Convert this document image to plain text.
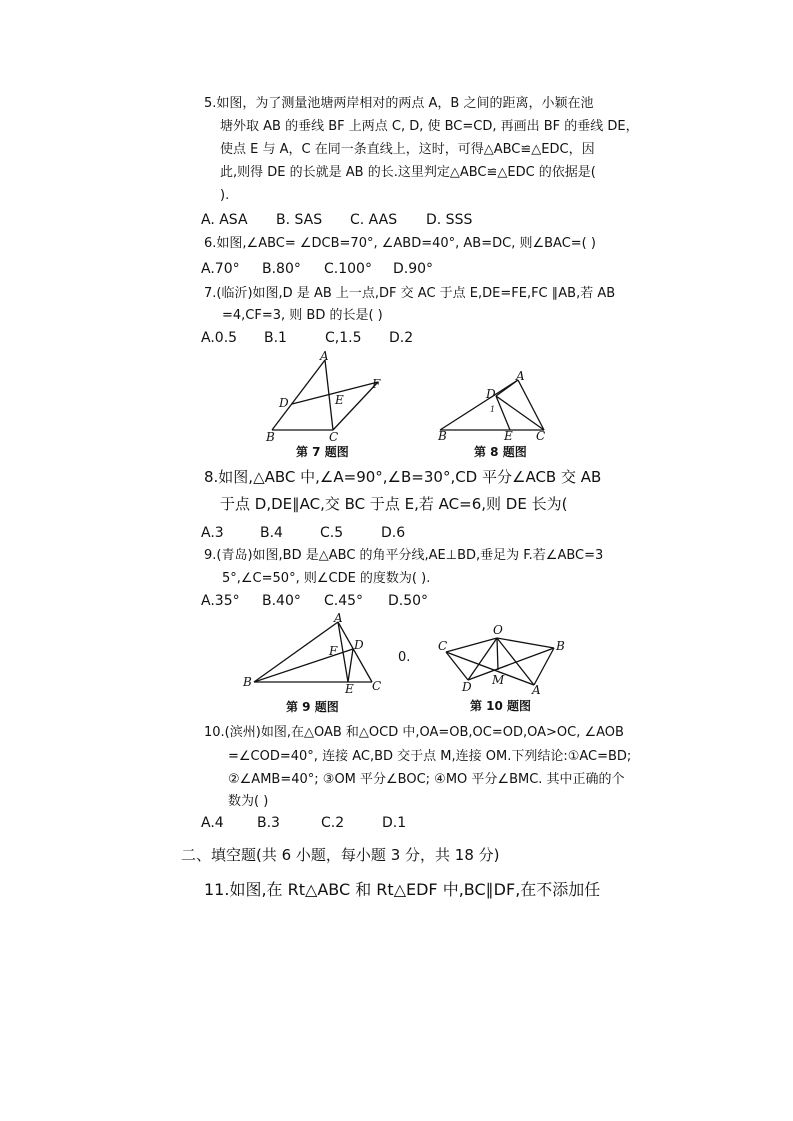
5.如图，为了测量池塘两岸相对的两点 A，B 之间的距离，小颖在池
塘外取 AB 的垂线 BF 上两点 C, D, 使 BC=CD, 再画出 BF 的垂线 DE，
使点 E 与 A，C 在同一条直线上，这时，可得△ABC≌△EDC，因
此,则得 DE 的长就是 AB 的长.这里判定△ABC≌△EDC 的依据是(
).
A. ASA B. SAS C. AAS D. SSS
6.如图,∠ABC= ∠DCB=70°, ∠ABD=40°, AB=DC, 则∠BAC=( )
A.70° B.80° C.100° D.90°
7.(临沂)如图,D 是 AB 上一点,DF 交 AC 于点 E,DE=FE,FC ∥AB,若 AB
=4,CF=3, 则 BD 的长是( )
A.0.5 B.1	C,1.5 D.2
A
B	C
D	E
F
第 7 题图
A
B	C
D
E
1
第 8 题图
8.如图,△ABC 中,∠A=90°,∠B=30°,CD 平分∠ACB 交 AB
于点 D,DE∥AC,交 BC 于点 E,若 AC=6,则 DE 长为(
A.3	B.4	C.5	D.6
9.(青岛)如图,BD 是△ABC 的角平分线,AE⊥BD,垂足为 F.若∠ABC=3
5°,∠C=50°, 则∠CDE 的度数为( ).
A.35° B.40° C.45° D.50°
A
B	C
D
E
F
第 9 题图
0.
O
A
B
C
D M
第 10 题图
10.(滨州)如图,在△OAB 和△OCD 中,OA=OB,OC=OD,OA>OC, ∠AOB
=∠COD=40°, 连接 AC,BD 交于点 M,连接 OM.下列结论:①AC=BD;
②∠AMB=40°; ③OM 平分∠BOC; ④MO 平分∠BMC. 其中正确的个
数为( )
A.4 B.3	C.2	D.1
二、填空题(共 6 小题，每小题 3 分，共 18 分)
11.如图,在 Rt△ABC 和 Rt△EDF 中,BC∥DF,在不添加任
